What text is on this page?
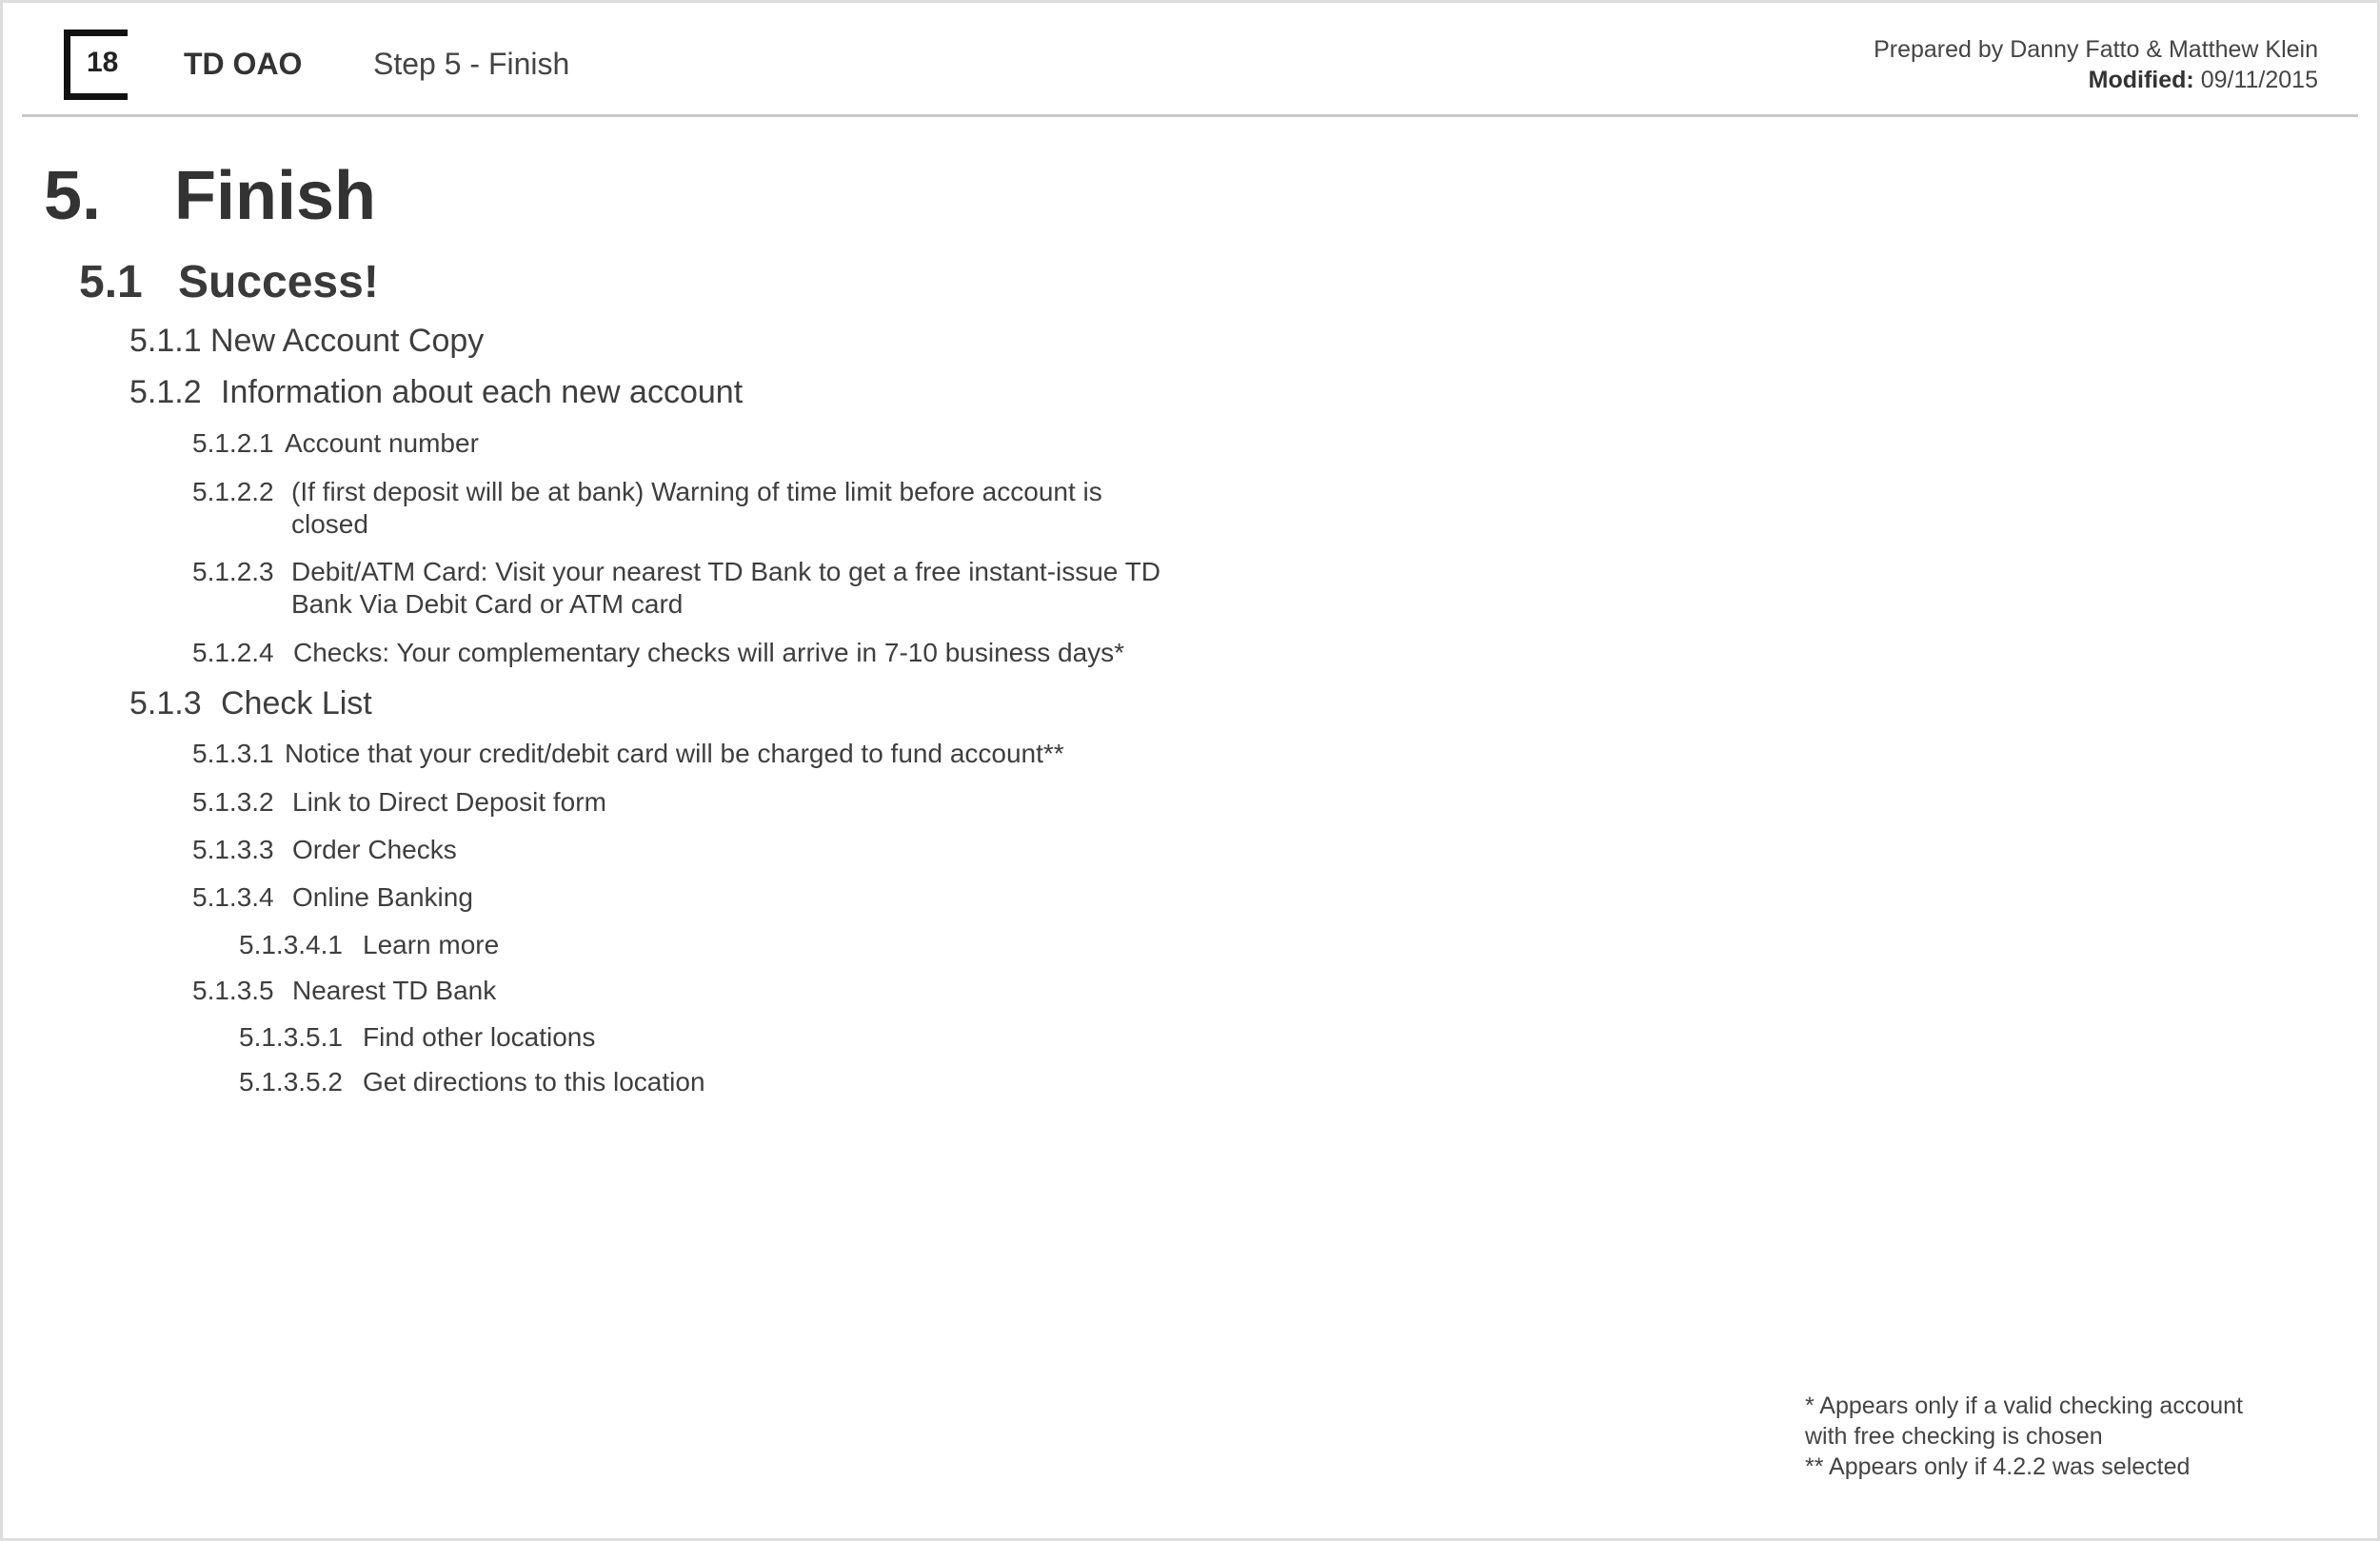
18 TD OAO Step 5 - Finish	Prepared by Danny Fatto & Matthew Klein
Modified: 09/11/2015
5. Finish
5.1 Success!
5.1.1 New Account Copy
5.1.2 Information about each new account
5.1.2.1 Account number
5.1.2.2 (If first deposit will be at bank) Warning of time limit before account is closed
5.1.2.3 Debit/ATM Card: Visit your nearest TD Bank to get a free instant-issue TD Bank Via Debit Card or ATM card
5.1.2.4 Checks: Your complementary checks will arrive in 7-10 business days*
5.1.3 Check List
5.1.3.1 Notice that your credit/debit card will be charged to fund account**
5.1.3.2 Link to Direct Deposit form
5.1.3.3 Order Checks
5.1.3.4 Online Banking
5.1.3.4.1 Learn more
5.1.3.5 Nearest TD Bank
5.1.3.5.1 Find other locations
5.1.3.5.2 Get directions to this location
* Appears only if a valid checking account
with free checking is chosen
** Appears only if 4.2.2 was selected
